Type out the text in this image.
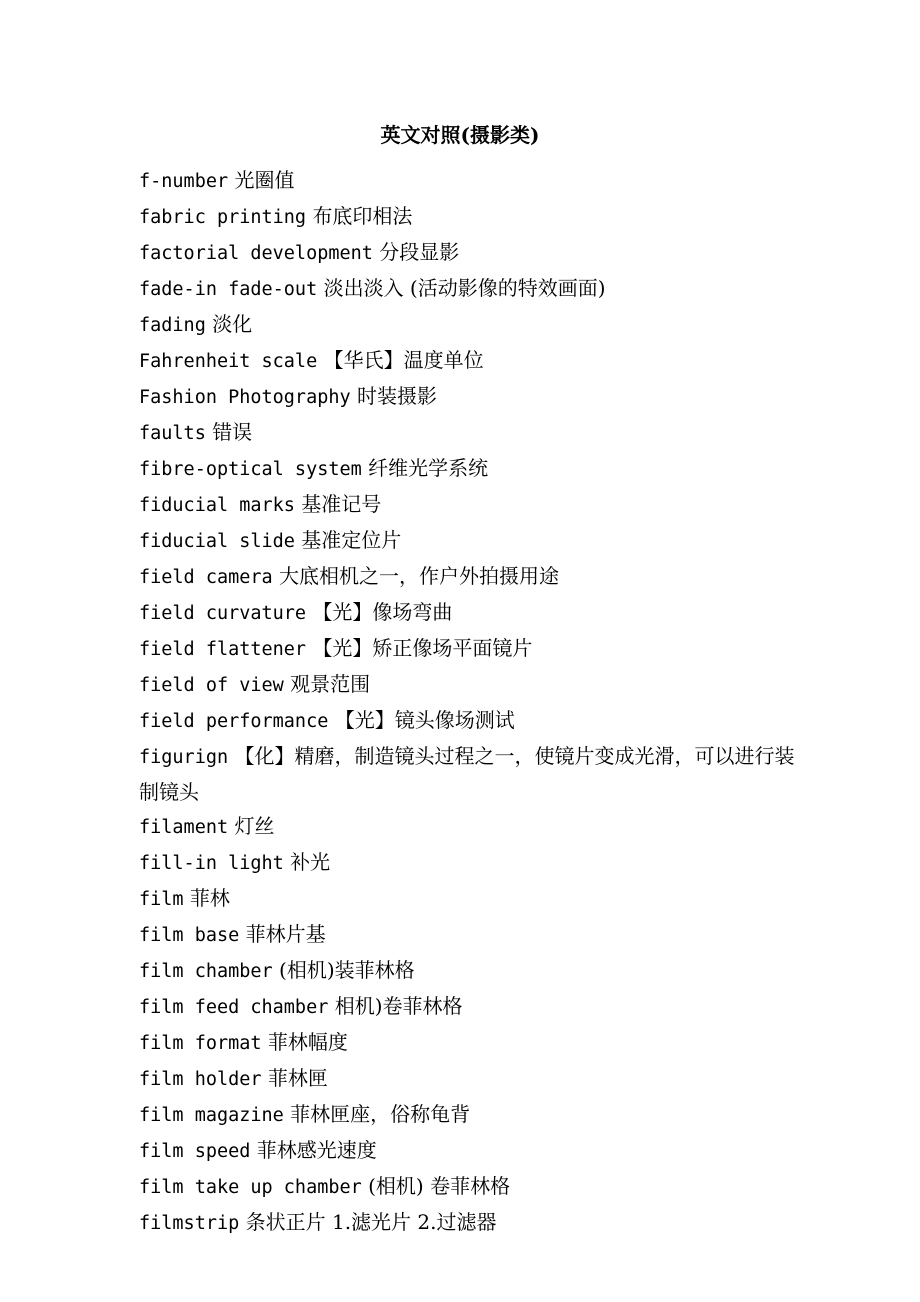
英文对照(摄影类)
f-number 光圈值
fabric printing 布底印相法
factorial development 分段显影
fade-in fade-out 淡出淡入 (活动影像的特效画面)
fading 淡化
Fahrenheit scale 【华氏】温度单位
Fashion Photography 时装摄影
faults 错误
fibre-optical system 纤维光学系统
fiducial marks 基准记号
fiducial slide 基准定位片
field camera 大底相机之一，作户外拍摄用途
field curvature 【光】像场弯曲
field flattener 【光】矫正像场平面镜片
field of view 观景范围
field performance 【光】镜头像场测试
figurign 【化】精磨，制造镜头过程之一，使镜片变成光滑，可以进行装制镜头
filament 灯丝
fill-in light 补光
film 菲林
film base 菲林片基
film chamber (相机)装菲林格
film feed chamber 相机)卷菲林格
film format 菲林幅度
film holder 菲林匣
film magazine 菲林匣座，俗称龟背
film speed 菲林感光速度
film take up chamber (相机) 卷菲林格
filmstrip 条状正片 1.滤光片 2.过滤器
